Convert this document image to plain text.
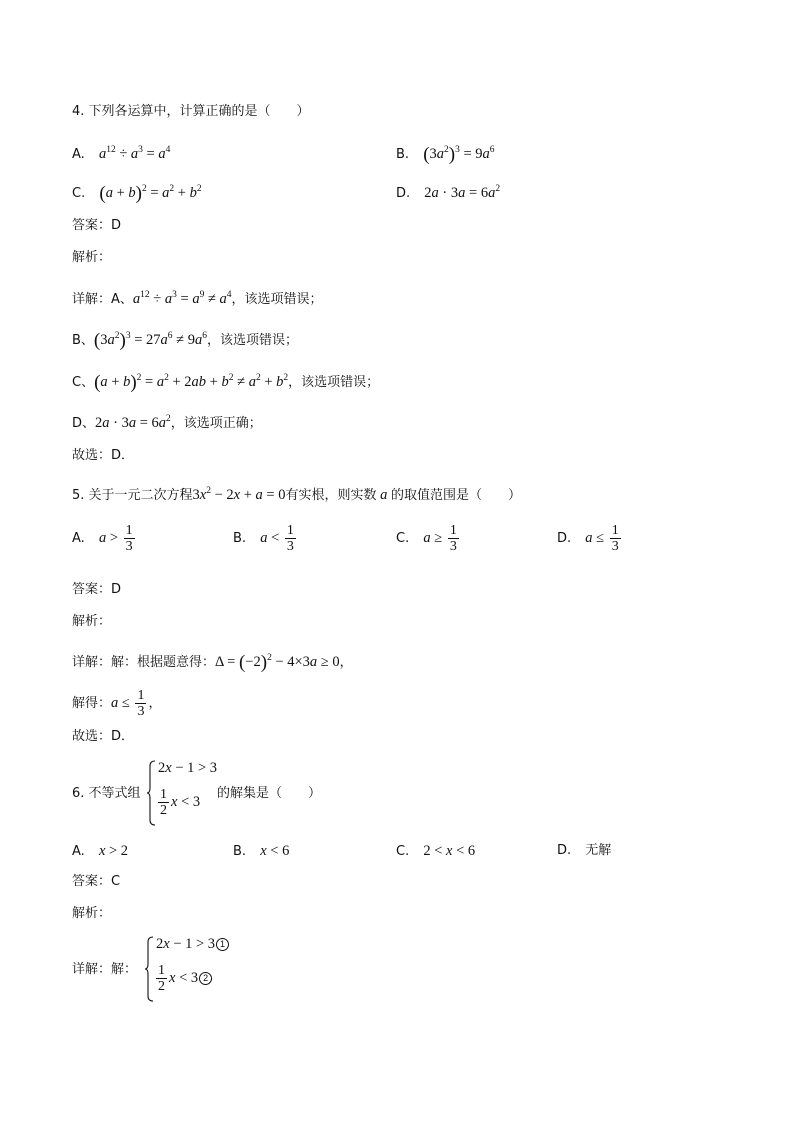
4. 下列各运算中，计算正确的是（　　）
A. $a^{12} \div a^3 = a^4$	B. $(3a^2)^3 = 9a^6$
C. $(a + b)^2 = a^2 + b^2$	D. $2a \cdot 3a = 6a^2$
答案：D
解析：
详解：A、$a^{12} \div a^3 = a^9 \ne a^4$，该选项错误；
B、$(3a^2)^3 = 27a^6 \ne 9a^6$，该选项错误；
C、$(a + b)^2 = a^2 + 2ab + b^2 \ne a^2 + b^2$，该选项错误；
D、$2a \cdot 3a = 6a^2$，该选项正确；
故选：D．
5. 关于一元二次方程$3x^2 - 2x + a = 0$有实根，则实数 a 的取值范围是（　　）
A. $a > \frac{1}{3}$	B. $a < \frac{1}{3}$	C. $a \ge \frac{1}{3}$	D. $a \le \frac{1}{3}$
答案：D
解析：
详解：解：根据题意得：$\Delta = (-2)^2 - 4\times 3a \ge 0$，
解得：$a \le \frac{1}{3}$ ，
故选：D．
6. 不等式组
2x − 1 > 3
$\frac{1}{2}$ x < 3
的解集是（　　）
A. x > 2	B. x < 6	C. 2 < x < 6	D. 无解
答案：C
解析：
详解：解：
2x − 1 > 3 1
$\frac{1}{2}$ x < 3 2
